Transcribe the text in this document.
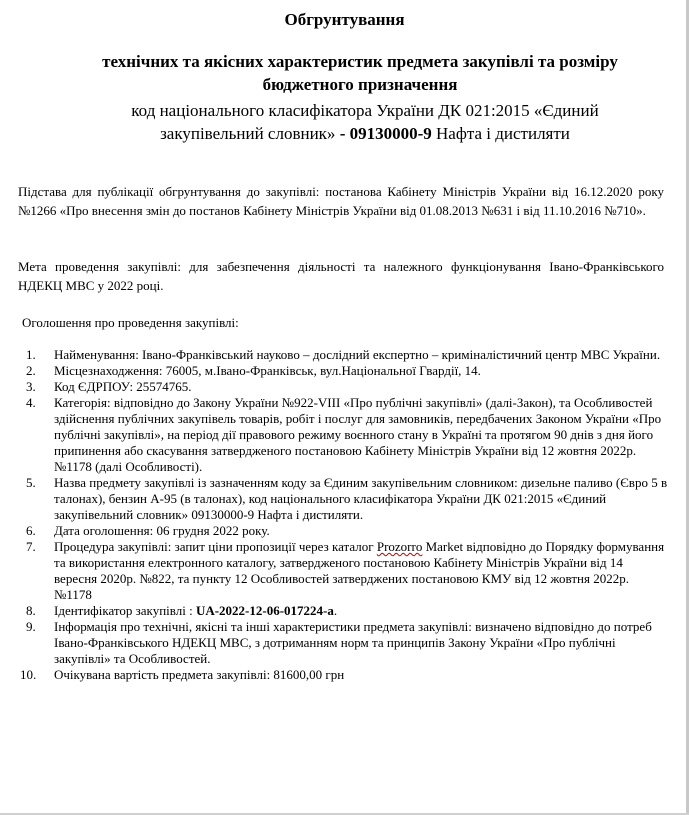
Обгрунтування
технічних та якісних характеристик предмета закупівлі та розміру
бюджетного призначення
код національного класифікатора України ДК 021:2015 «Єдиний
закупівельний словник» - 09130000-9 Нафта і дистиляти
Підстава для публікації обгрунтування до закупівлі: постанова Кабінету Міністрів України від 16.12.2020 року №1266 «Про внесення змін до постанов Кабінету Міністрів України від 01.08.2013 №631 і від 11.10.2016 №710».
Мета проведення закупівлі: для забезпечення діяльності та належного функціонування Івано-Франківського НДЕКЦ МВС у 2022 році.
Оголошення про проведення закупівлі:
1.	Найменування: Івано-Франківський науково – дослідний експертно – криміналістичний центр МВС України.
2.	Місцезнаходження: 76005, м.Івано-Франківськ, вул.Національної Гвардії, 14.
3.	Код ЄДРПОУ: 25574765.
4.	Категорія: відповідно до Закону України №922-VIII «Про публічні закупівлі» (далі-Закон), та Особливостей здійснення публічних закупівель товарів, робіт і послуг для замовників, передбачених Законом України «Про публічні закупівлі», на період дії правового режиму воєнного стану в Україні та протягом 90 днів з дня його припинення або скасування затвердженого постановою Кабінету Міністрів України від 12 жовтня 2022р. №1178 (далі Особливості).
5.	Назва предмету закупівлі із зазначенням коду за Єдиним закупівельним словником: дизельне паливо (Євро 5 в талонах), бензин А-95 (в талонах), код національного класифікатора України ДК 021:2015 «Єдиний закупівельний словник» 09130000-9 Нафта і дистиляти.
6.	Дата оголошення: 06 грудня 2022 року.
7.	Процедура закупівлі: запит ціни пропозиції через каталог Prozorro Market відповідно до Порядку формування та використання електронного каталогу, затвердженого постановою Кабінету Міністрів України від 14 вересня 2020р. №822, та пункту 12 Особливостей затверджених постановою КМУ від 12 жовтня 2022р. №1178
8.	Ідентифікатор закупівлі : UA-2022-12-06-017224-a.
9.	Інформація про технічні, якісні та інші характеристики предмета закупівлі: визначено відповідно до потреб Івано-Франківського НДЕКЦ МВС, з дотриманням норм та принципів Закону України «Про публічні закупівлі» та Особливостей.
10.	Очікувана вартість предмета закупівлі: 81600,00 грн
